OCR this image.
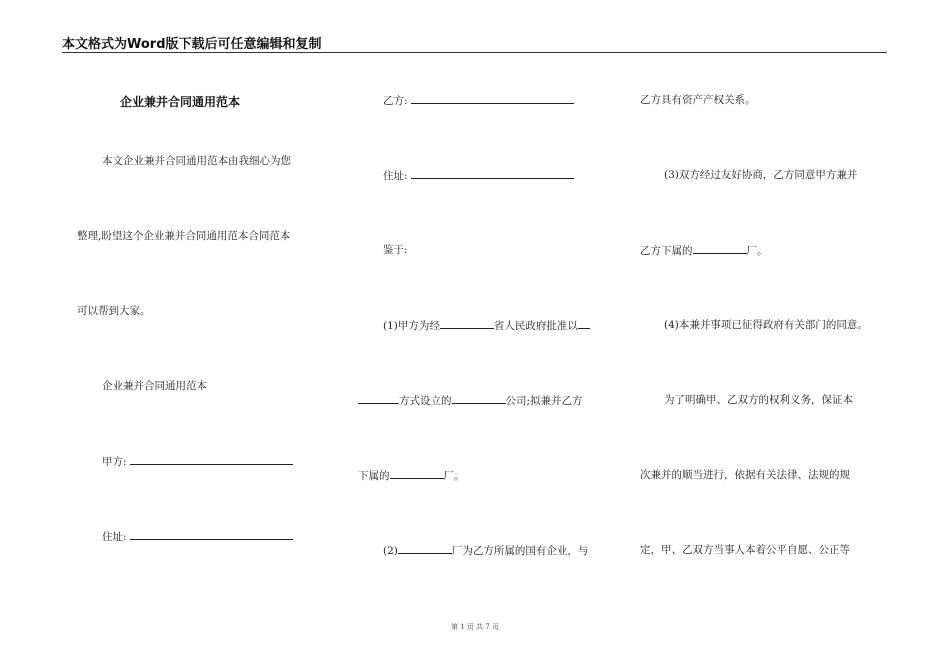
本文格式为Word版下载后可任意编辑和复制
企业兼并合同通用范本
本文企业兼并合同通用范本由我细心为您
整理,盼望这个企业兼并合同通用范本合同范本
可以帮到大家。
企业兼并合同通用范本
甲方:
住址:
乙方:
住址:
鉴于:
(1)甲方为经	省人民政府批准以
方式设立的	公司;拟兼并乙方
下属的	厂。
(2)	厂为乙方所属的国有企业，与
乙方具有资产产权关系。
(3)双方经过友好协商，乙方同意甲方兼并
乙方下属的	厂。
(4)本兼并事项已征得政府有关部门的同意。
为了明确甲、乙双方的权利义务，保证本
次兼并的顺当进行，依据有关法律、法规的规
定，甲、乙双方当事人本着公平自愿、公正等
第 1 页 共 7 页
